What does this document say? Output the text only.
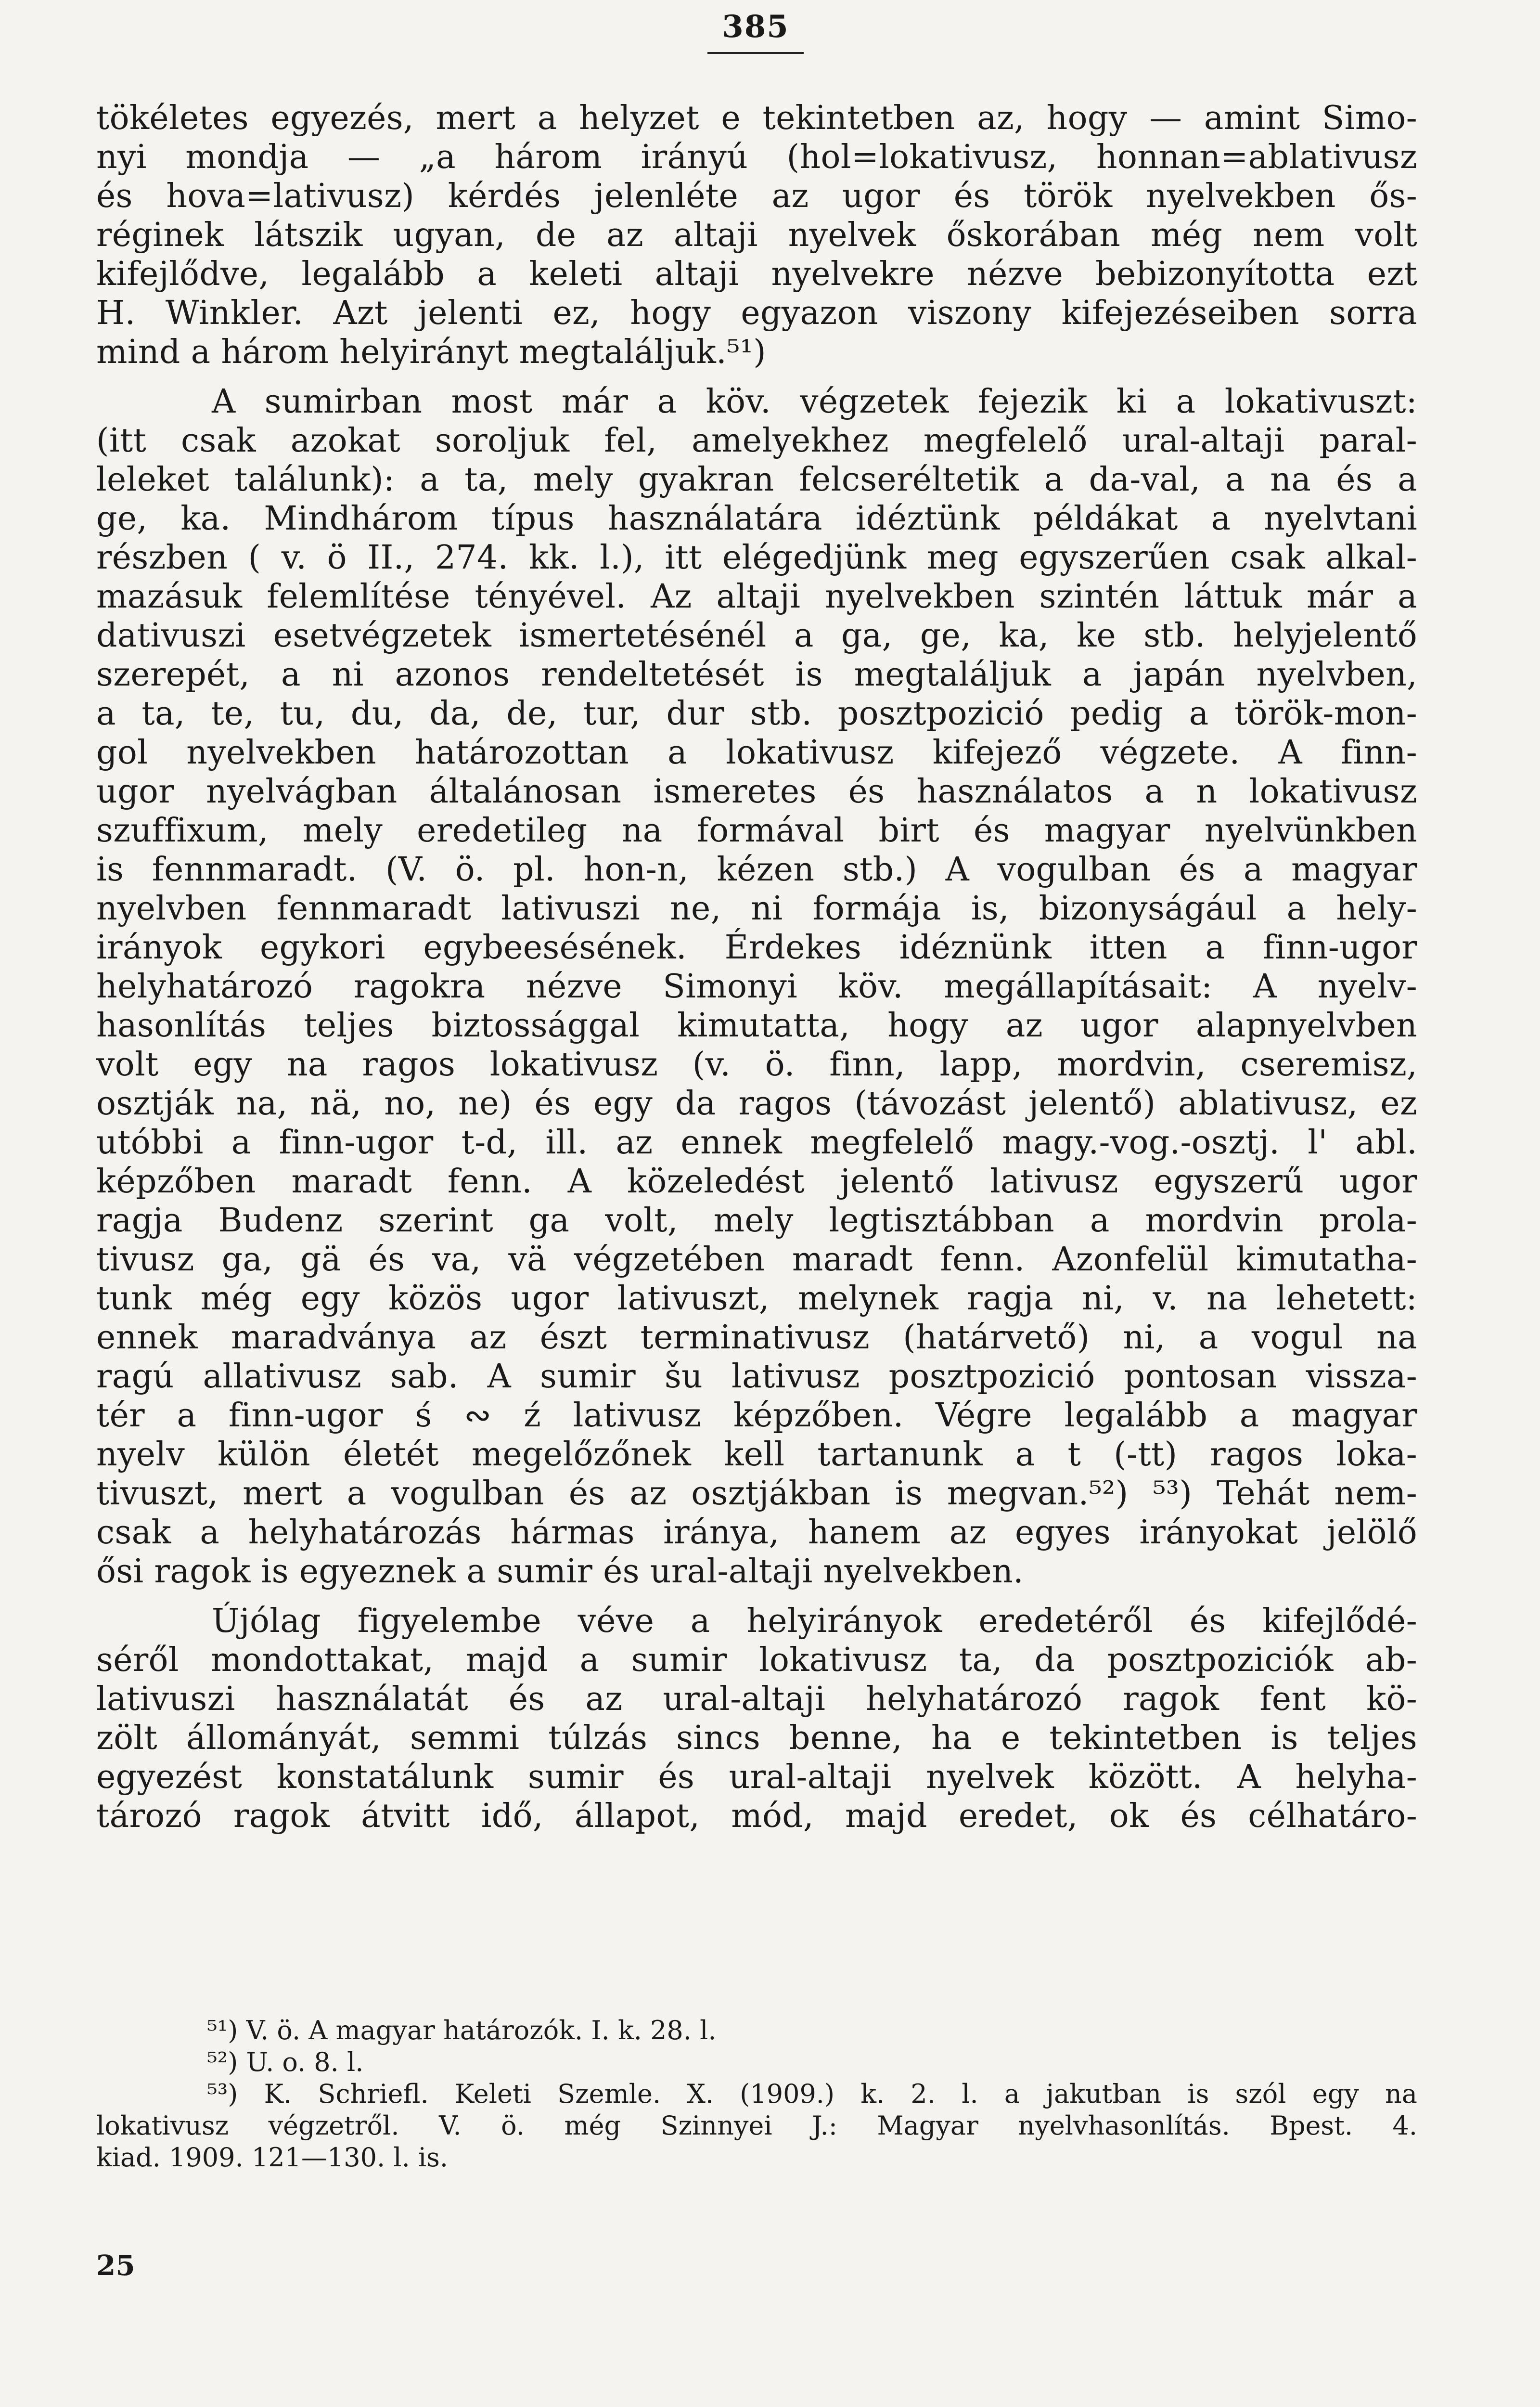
385
tökéletes egyezés, mert a helyzet e tekintetben az, hogy — amint Simo-
nyi mondja — „a három irányú (hol=lokativusz, honnan=ablativusz
és hova=lativusz) kérdés jelenléte az ugor és török nyelvekben ős-
réginek látszik ugyan, de az altaji nyelvek őskorában még nem volt
kifejlődve, legalább a keleti altaji nyelvekre nézve bebizonyította ezt
H. Winkler. Azt jelenti ez, hogy egyazon viszony kifejezéseiben sorra
mind a három helyirányt megtaláljuk.⁵¹)
A sumirban most már a köv. végzetek fejezik ki a lokativuszt:
(itt csak azokat soroljuk fel, amelyekhez megfelelő ural-altaji paral-
leleket találunk): a ta, mely gyakran felcseréltetik a da-val, a na és a
ge, ka. Mindhárom típus használatára idéztünk példákat a nyelvtani
részben ( v. ö II., 274. kk. l.), itt elégedjünk meg egyszerűen csak alkal-
mazásuk felemlítése tényével. Az altaji nyelvekben szintén láttuk már a
dativuszi esetvégzetek ismertetésénél a ga, ge, ka, ke stb. helyjelentő
szerepét, a ni azonos rendeltetését is megtaláljuk a japán nyelvben,
a ta, te, tu, du, da, de, tur, dur stb. posztpozició pedig a török-mon-
gol nyelvekben határozottan a lokativusz kifejező végzete. A finn-
ugor nyelvágban általánosan ismeretes és használatos a n lokativusz
szuffixum, mely eredetileg na formával birt és magyar nyelvünkben
is fennmaradt. (V. ö. pl. hon-n, kézen stb.) A vogulban és a magyar
nyelvben fennmaradt lativuszi ne, ni formája is, bizonyságául a hely-
irányok egykori egybeesésének. Érdekes idéznünk itten a finn-ugor
helyhatározó ragokra nézve Simonyi köv. megállapításait: A nyelv-
hasonlítás teljes biztossággal kimutatta, hogy az ugor alapnyelvben
volt egy na ragos lokativusz (v. ö. finn, lapp, mordvin, cseremisz,
osztják na, nä, no, ne) és egy da ragos (távozást jelentő) ablativusz, ez
utóbbi a finn-ugor t-d, ill. az ennek megfelelő magy.-vog.-osztj. l' abl.
képzőben maradt fenn. A közeledést jelentő lativusz egyszerű ugor
ragja Budenz szerint ga volt, mely legtisztábban a mordvin prola-
tivusz ga, gä és va, vä végzetében maradt fenn. Azonfelül kimutatha-
tunk még egy közös ugor lativuszt, melynek ragja ni, v. na lehetett:
ennek maradványa az észt terminativusz (határvető) ni, a vogul na
ragú allativusz sab. A sumir šu lativusz posztpozició pontosan vissza-
tér a finn-ugor ś ∾ ź lativusz képzőben. Végre legalább a magyar
nyelv külön életét megelőzőnek kell tartanunk a t (-tt) ragos loka-
tivuszt, mert a vogulban és az osztjákban is megvan.⁵²) ⁵³) Tehát nem-
csak a helyhatározás hármas iránya, hanem az egyes irányokat jelölő
ősi ragok is egyeznek a sumir és ural-altaji nyelvekben.
Újólag figyelembe véve a helyirányok eredetéről és kifejlődé-
séről mondottakat, majd a sumir lokativusz ta, da posztpoziciók ab-
lativuszi használatát és az ural-altaji helyhatározó ragok fent kö-
zölt állományát, semmi túlzás sincs benne, ha e tekintetben is teljes
egyezést konstatálunk sumir és ural-altaji nyelvek között. A helyha-
tározó ragok átvitt idő, állapot, mód, majd eredet, ok és célhatáro-
⁵¹) V. ö. A magyar határozók. I. k. 28. l.
⁵²) U. o. 8. l.
⁵³) K. Schriefl. Keleti Szemle. X. (1909.) k. 2. l. a jakutban is szól egy na
lokativusz végzetről. V. ö. még Szinnyei J.: Magyar nyelvhasonlítás. Bpest. 4.
kiad. 1909. 121—130. l. is.
25
